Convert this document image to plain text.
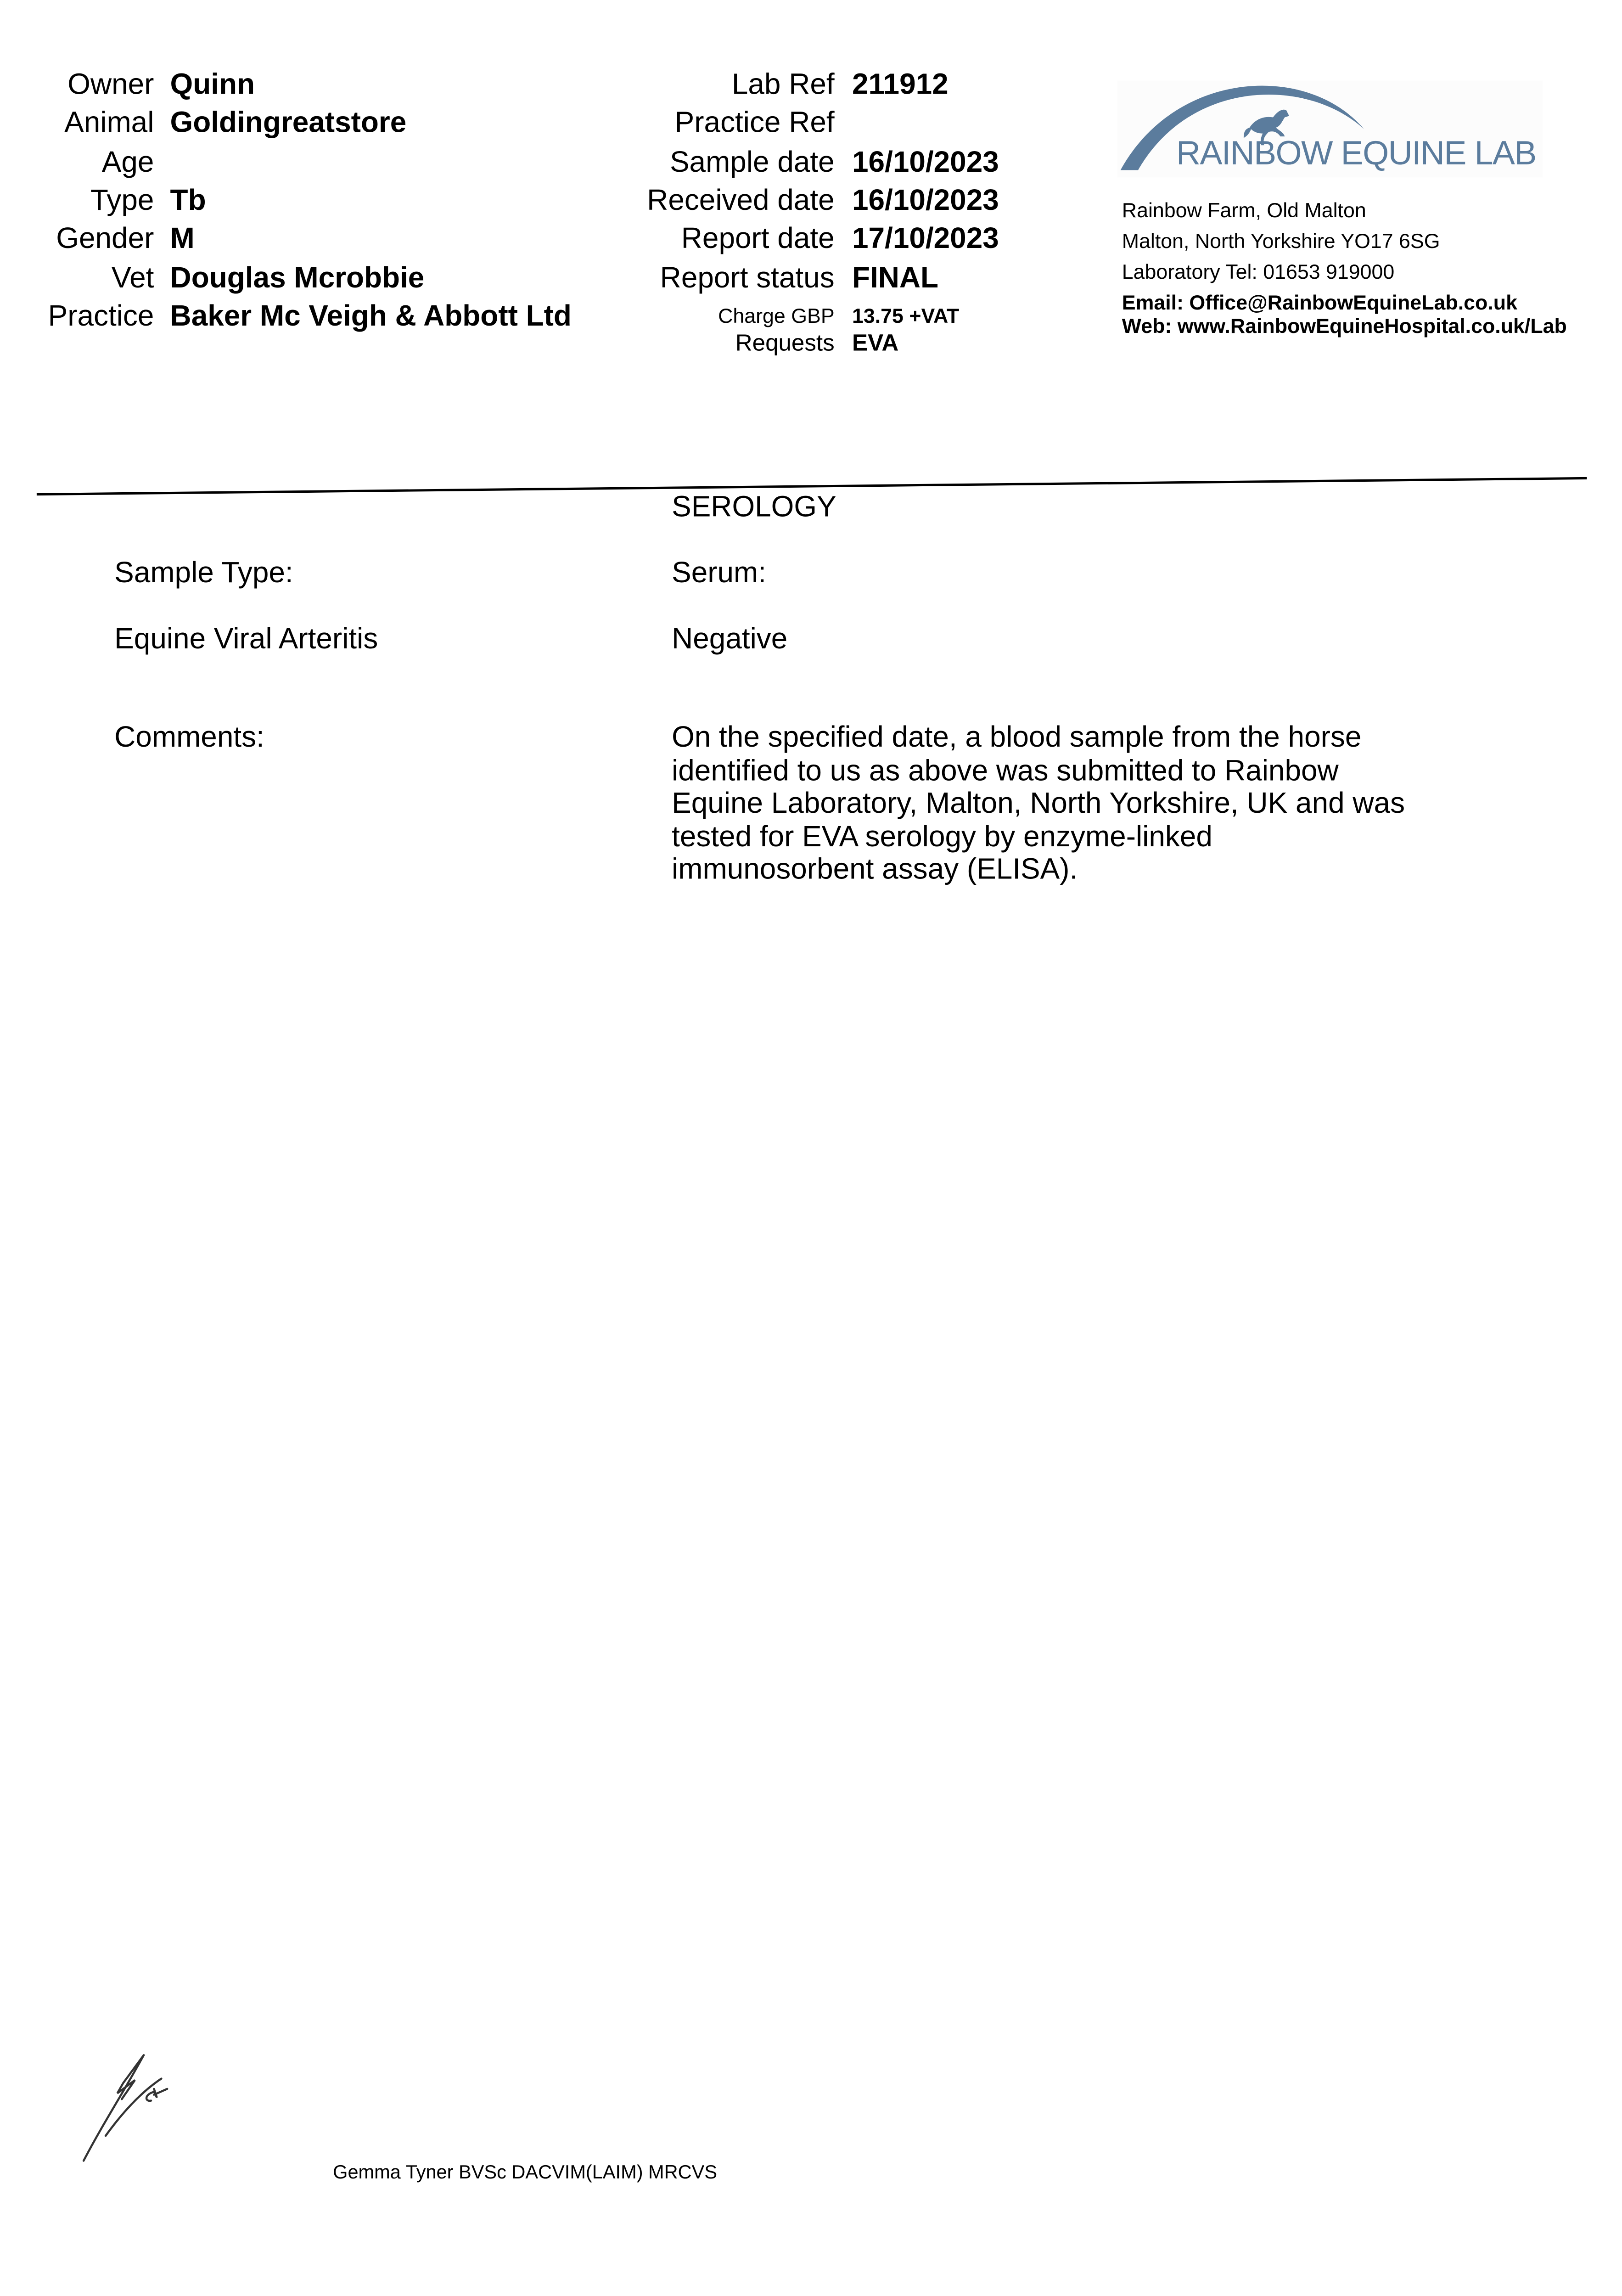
Owner Quinn
Animal Goldingreatstore
Age
Type Tb
Gender M
Vet Douglas Mcrobbie
Practice Baker Mc Veigh & Abbott Ltd
Lab Ref 211912
Practice Ref
Sample date 16/10/2023
Received date 16/10/2023
Report date 17/10/2023
Report status FINAL
Charge GBP	13.75 +VAT
Requests EVA
RAINBOW EQUINE LAB
Rainbow Farm, Old Malton
Malton, North Yorkshire YO17 6SG
Laboratory Tel: 01653 919000
Email: Office@RainbowEquineLab.co.uk
Web: www.RainbowEquineHospital.co.uk/Lab
SEROLOGY
Sample Type:	Serum:
Equine Viral Arteritis	Negative
Comments:	On the specified date, a blood sample from the horse identified to us as above was submitted to Rainbow Equine Laboratory, Malton, North Yorkshire, UK and was tested for EVA serology by enzyme-linked immunosorbent assay (ELISA).
Gemma Tyner BVSc DACVIM(LAIM) MRCVS
